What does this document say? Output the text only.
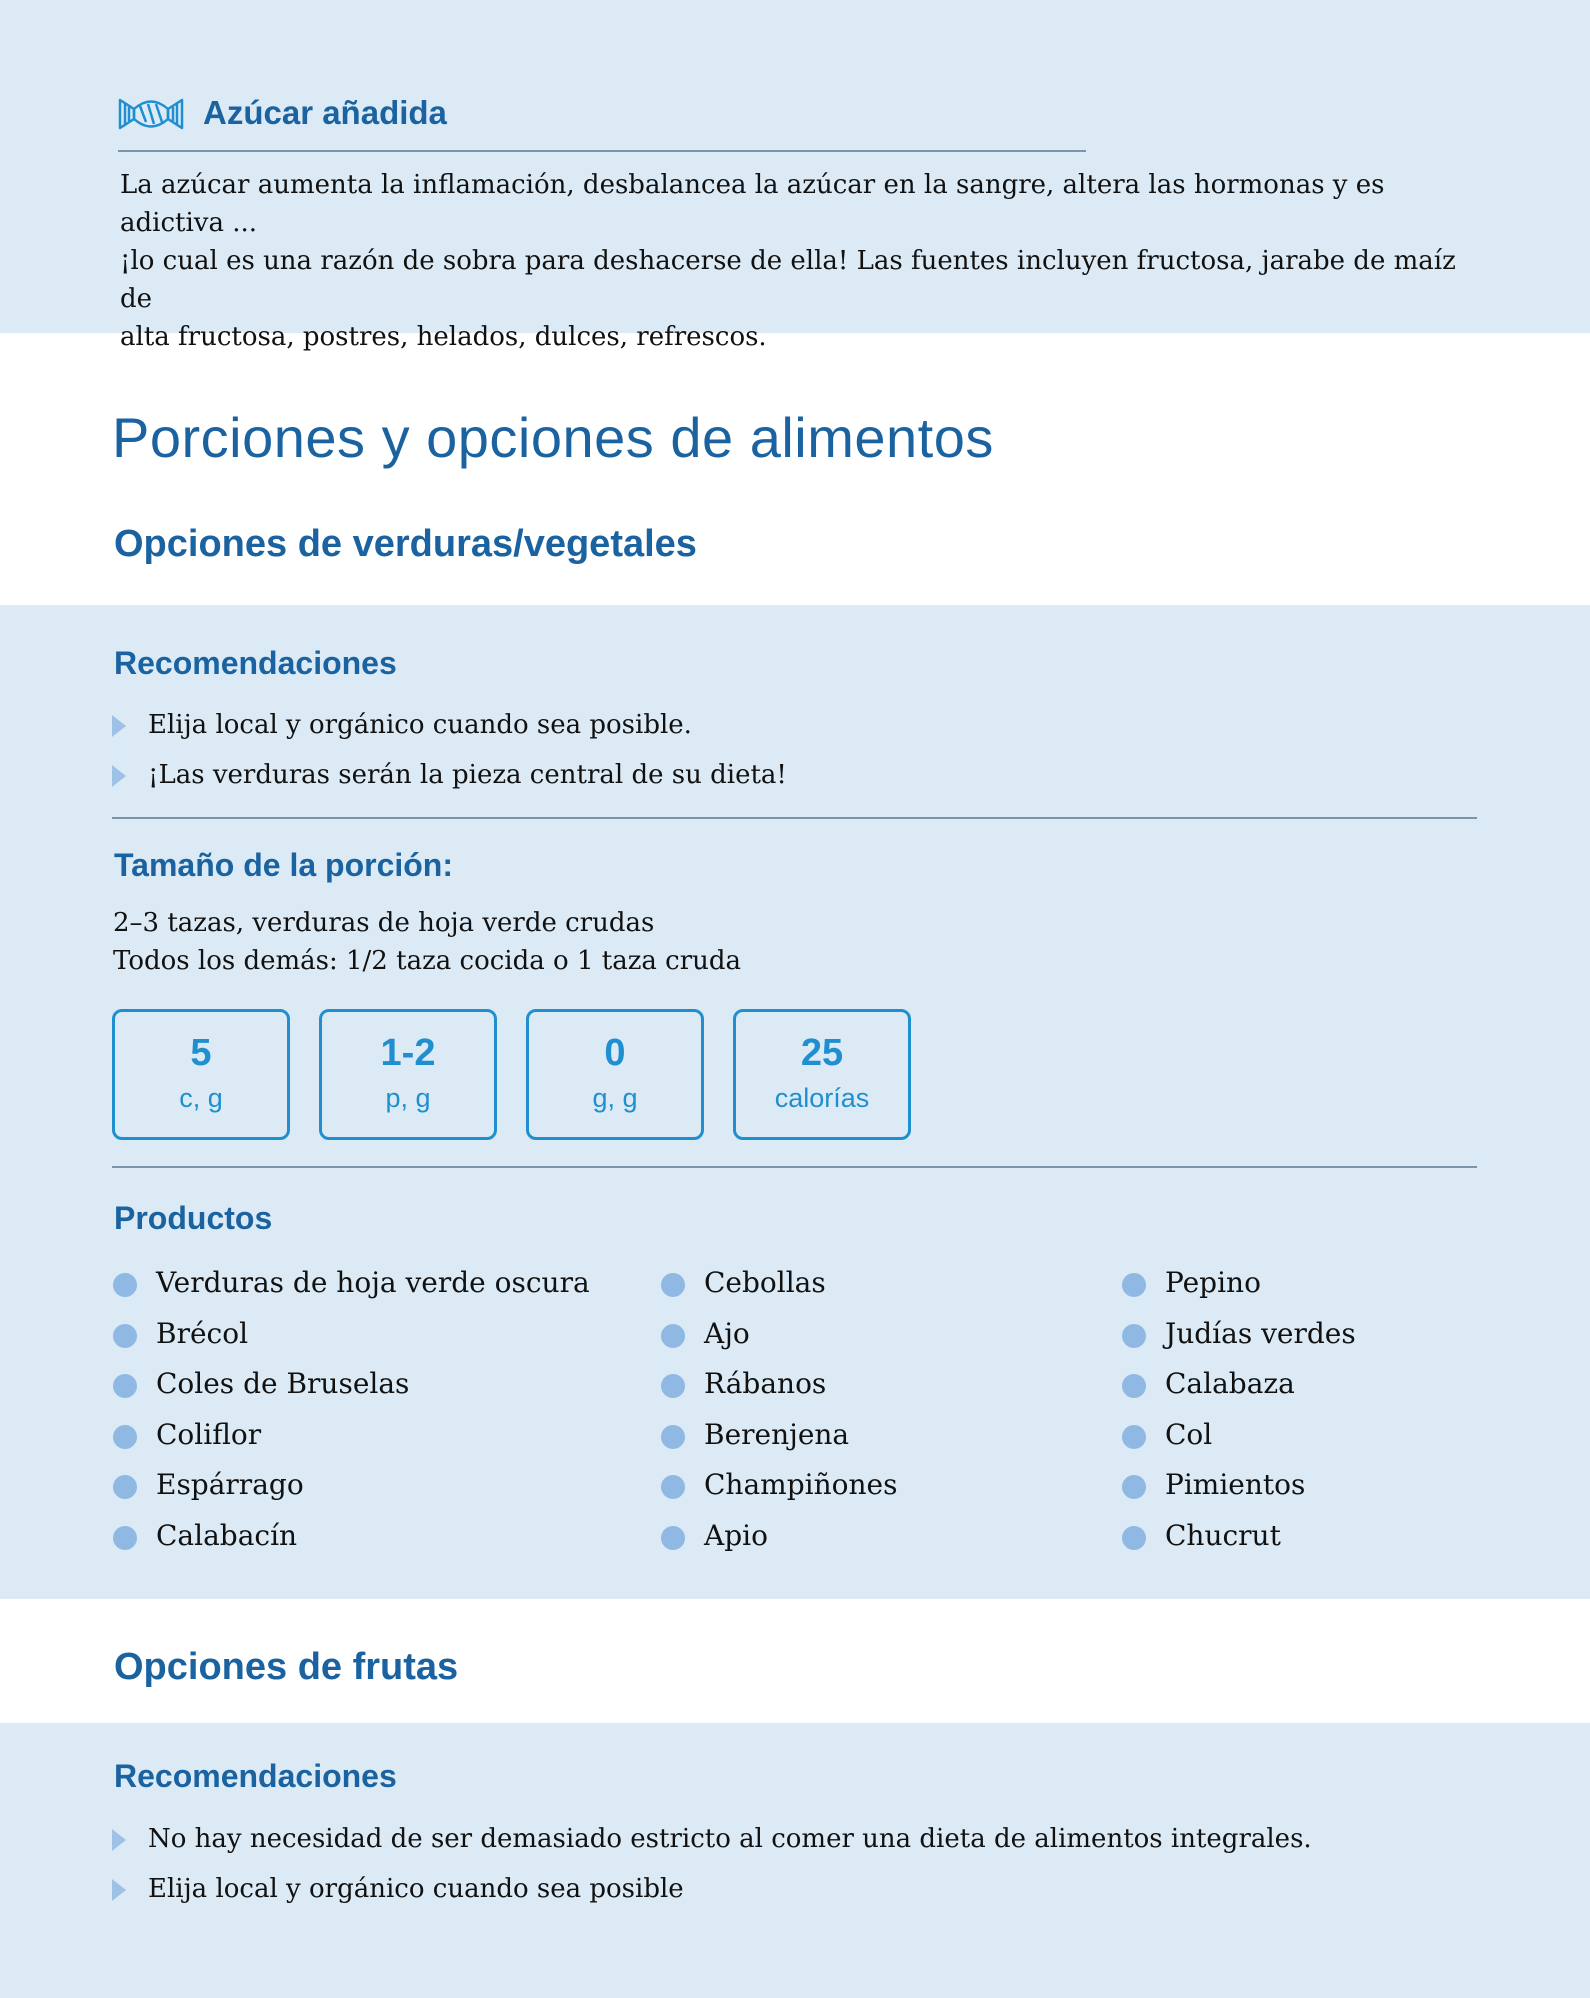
Azúcar añadida
La azúcar aumenta la inflamación, desbalancea la azúcar en la sangre, altera las hormonas y es adictiva ...
¡lo cual es una razón de sobra para deshacerse de ella! Las fuentes incluyen fructosa, jarabe de maíz de
alta fructosa, postres, helados, dulces, refrescos.
Porciones y opciones de alimentos
Opciones de verduras/vegetales
Recomendaciones
Elija local y orgánico cuando sea posible.
¡Las verduras serán la pieza central de su dieta!
Tamaño de la porción:
2–3 tazas, verduras de hoja verde crudas
Todos los demás: 1/2 taza cocida o 1 taza cruda
5
c, g
1-2
p, g
0
g, g
25
calorías
Productos
Verduras de hoja verde oscura
Brécol
Coles de Bruselas
Coliflor
Espárrago
Calabacín
Cebollas
Ajo
Rábanos
Berenjena
Champiñones
Apio
Pepino
Judías verdes
Calabaza
Col
Pimientos
Chucrut
Opciones de frutas
Recomendaciones
No hay necesidad de ser demasiado estricto al comer una dieta de alimentos integrales.
Elija local y orgánico cuando sea posible
